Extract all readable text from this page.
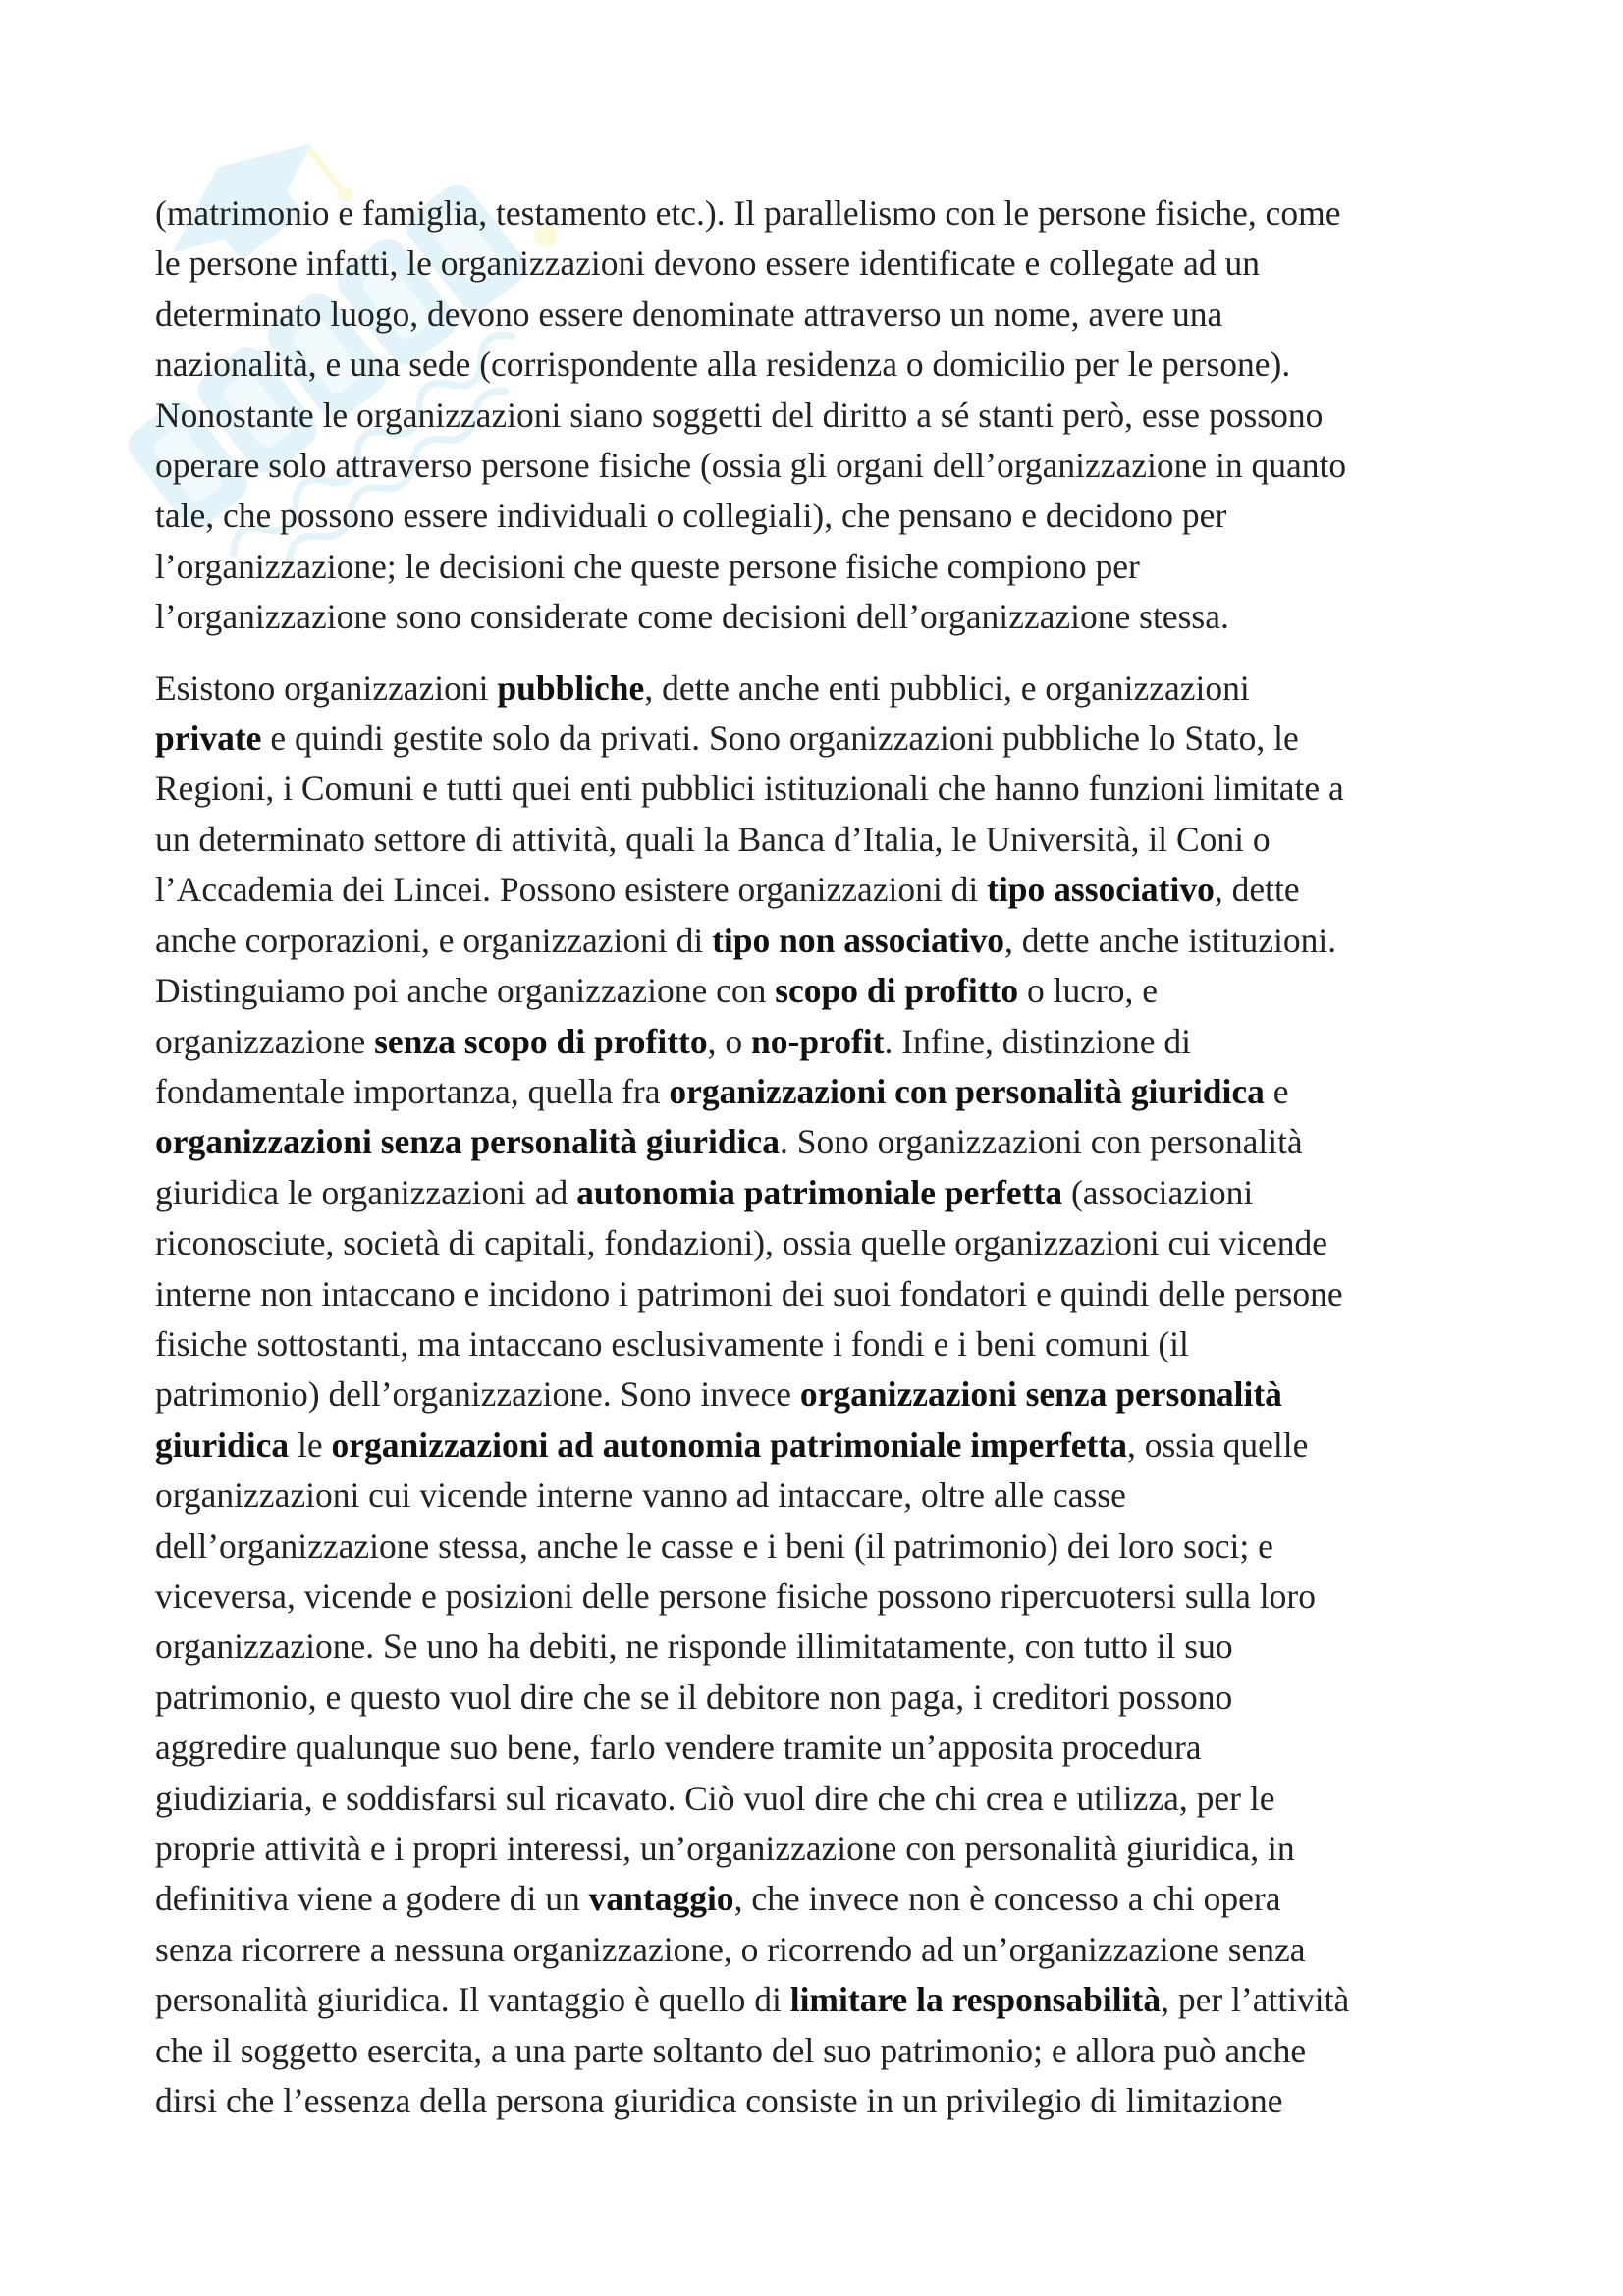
(matrimonio e famiglia, testamento etc.). Il parallelismo con le persone fisiche, come
le persone infatti, le organizzazioni devono essere identificate e collegate ad un
determinato luogo, devono essere denominate attraverso un nome, avere una
nazionalità, e una sede (corrispondente alla residenza o domicilio per le persone).
Nonostante le organizzazioni siano soggetti del diritto a sé stanti però, esse possono
operare solo attraverso persone fisiche (ossia gli organi dell’organizzazione in quanto
tale, che possono essere individuali o collegiali), che pensano e decidono per
l’organizzazione; le decisioni che queste persone fisiche compiono per
l’organizzazione sono considerate come decisioni dell’organizzazione stessa.

Esistono organizzazioni pubbliche, dette anche enti pubblici, e organizzazioni
private e quindi gestite solo da privati. Sono organizzazioni pubbliche lo Stato, le
Regioni, i Comuni e tutti quei enti pubblici istituzionali che hanno funzioni limitate a
un determinato settore di attività, quali la Banca d’Italia, le Università, il Coni o
l’Accademia dei Lincei. Possono esistere organizzazioni di tipo associativo, dette
anche corporazioni, e organizzazioni di tipo non associativo, dette anche istituzioni.
Distinguiamo poi anche organizzazione con scopo di profitto o lucro, e
organizzazione senza scopo di profitto, o no-profit. Infine, distinzione di
fondamentale importanza, quella fra organizzazioni con personalità giuridica e
organizzazioni senza personalità giuridica. Sono organizzazioni con personalità
giuridica le organizzazioni ad autonomia patrimoniale perfetta (associazioni
riconosciute, società di capitali, fondazioni), ossia quelle organizzazioni cui vicende
interne non intaccano e incidono i patrimoni dei suoi fondatori e quindi delle persone
fisiche sottostanti, ma intaccano esclusivamente i fondi e i beni comuni (il
patrimonio) dell’organizzazione. Sono invece organizzazioni senza personalità
giuridica le organizzazioni ad autonomia patrimoniale imperfetta, ossia quelle
organizzazioni cui vicende interne vanno ad intaccare, oltre alle casse
dell’organizzazione stessa, anche le casse e i beni (il patrimonio) dei loro soci; e
viceversa, vicende e posizioni delle persone fisiche possono ripercuotersi sulla loro
organizzazione. Se uno ha debiti, ne risponde illimitatamente, con tutto il suo
patrimonio, e questo vuol dire che se il debitore non paga, i creditori possono
aggredire qualunque suo bene, farlo vendere tramite un’apposita procedura
giudiziaria, e soddisfarsi sul ricavato. Ciò vuol dire che chi crea e utilizza, per le
proprie attività e i propri interessi, un’organizzazione con personalità giuridica, in
definitiva viene a godere di un vantaggio, che invece non è concesso a chi opera
senza ricorrere a nessuna organizzazione, o ricorrendo ad un’organizzazione senza
personalità giuridica. Il vantaggio è quello di limitare la responsabilità, per l’attività
che il soggetto esercita, a una parte soltanto del suo patrimonio; e allora può anche
dirsi che l’essenza della persona giuridica consiste in un privilegio di limitazione
